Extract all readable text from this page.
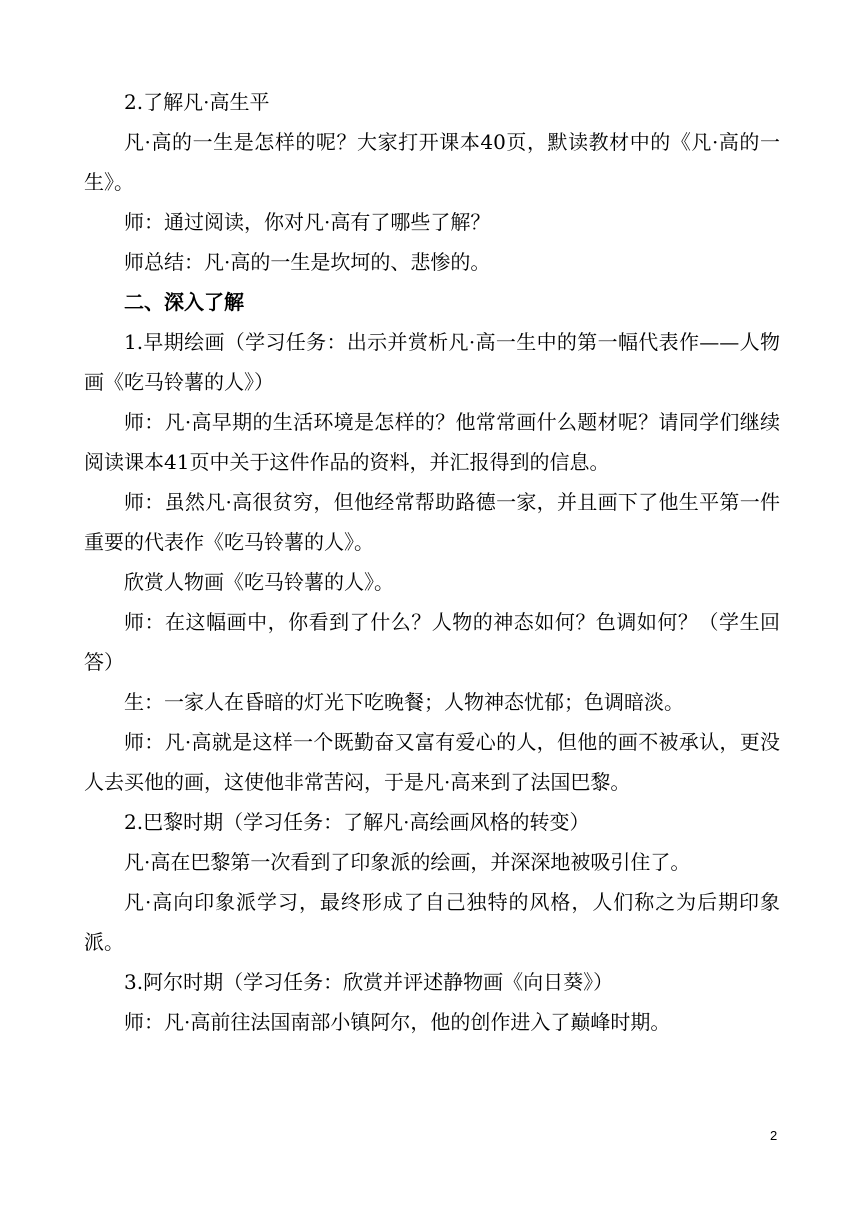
2.了解凡·高生平

凡·高的一生是怎样的呢？大家打开课本40页，默读教材中的《凡·高的一生》。

师：通过阅读，你对凡·高有了哪些了解？

师总结：凡·高的一生是坎坷的、悲惨的。

二、深入了解

1.早期绘画（学习任务：出示并赏析凡·高一生中的第一幅代表作——人物画《吃马铃薯的人》）

师：凡·高早期的生活环境是怎样的？他常常画什么题材呢？请同学们继续阅读课本41页中关于这件作品的资料，并汇报得到的信息。

师：虽然凡·高很贫穷，但他经常帮助路德一家，并且画下了他生平第一件重要的代表作《吃马铃薯的人》。

欣赏人物画《吃马铃薯的人》。

师：在这幅画中，你看到了什么？人物的神态如何？色调如何？（学生回答）

生：一家人在昏暗的灯光下吃晚餐；人物神态忧郁；色调暗淡。

师：凡·高就是这样一个既勤奋又富有爱心的人，但他的画不被承认，更没人去买他的画，这使他非常苦闷，于是凡·高来到了法国巴黎。

2.巴黎时期（学习任务：了解凡·高绘画风格的转变）

凡·高在巴黎第一次看到了印象派的绘画，并深深地被吸引住了。

凡·高向印象派学习，最终形成了自己独特的风格，人们称之为后期印象派。

3.阿尔时期（学习任务：欣赏并评述静物画《向日葵》）

师：凡·高前往法国南部小镇阿尔，他的创作进入了巅峰时期。

2
